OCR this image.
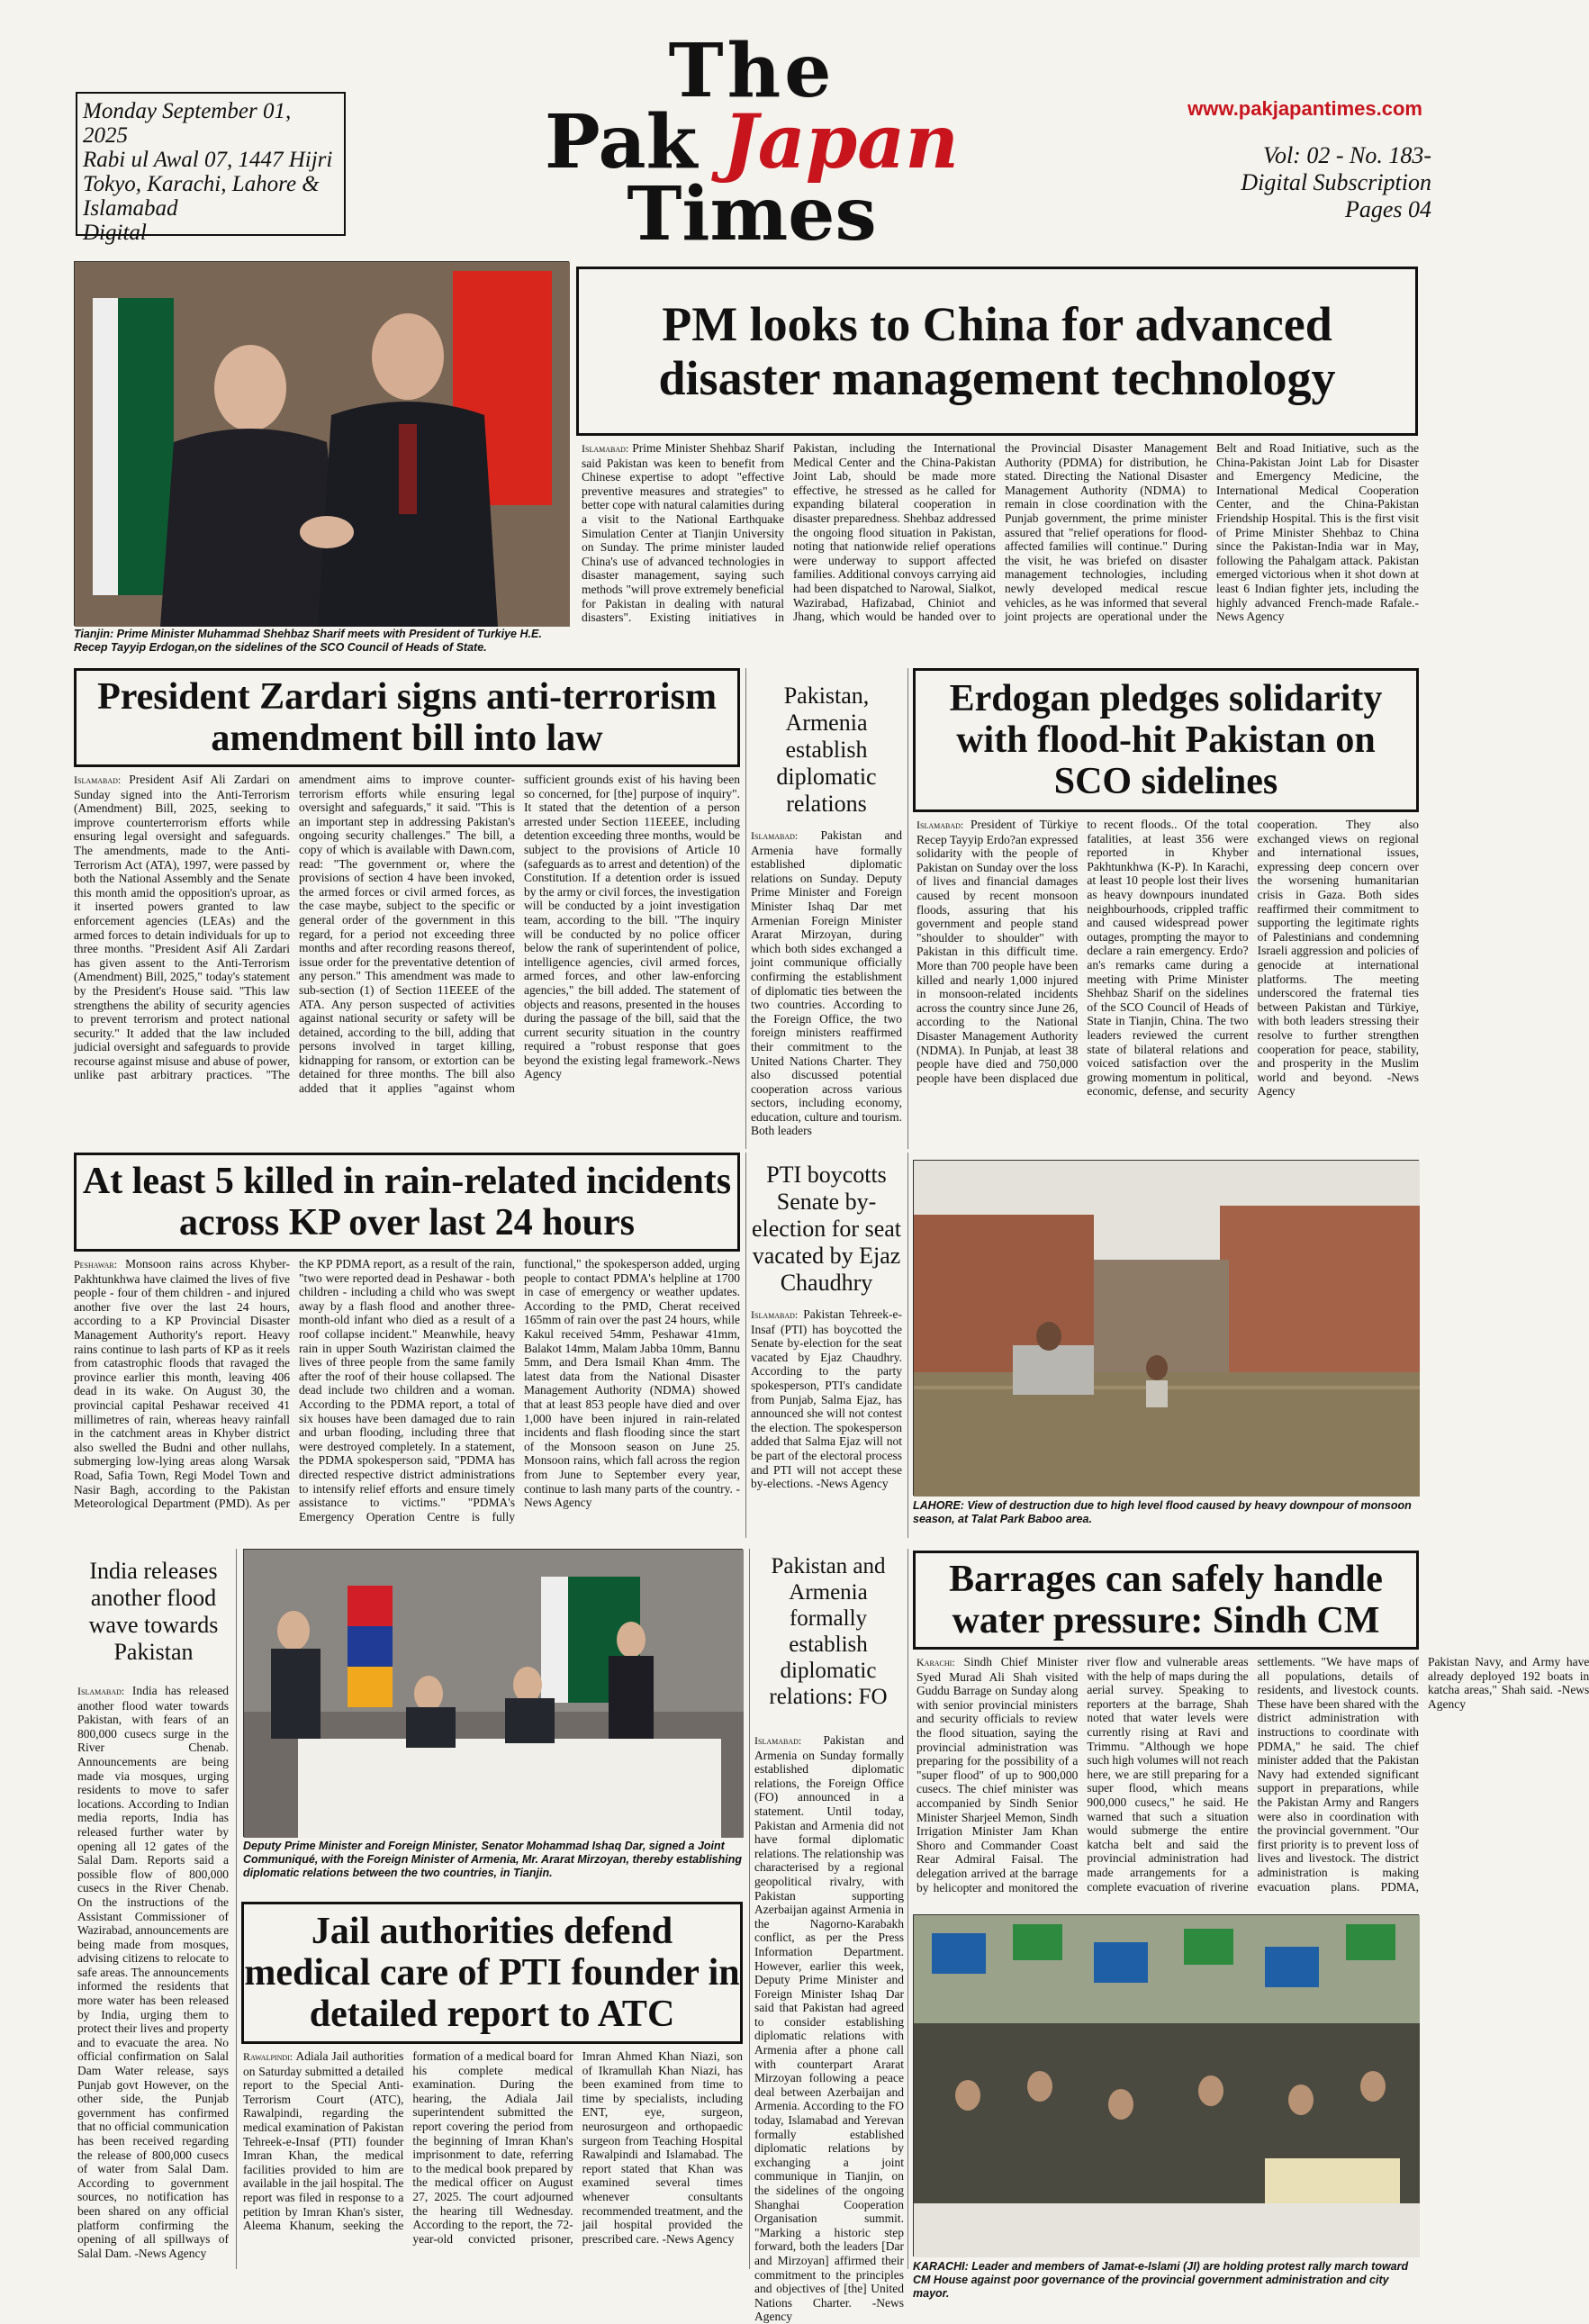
Monday September 01, 2025
Rabi ul Awal 07, 1447 Hijri
Tokyo, Karachi, Lahore &
Islamabad
Digital
The
Pak Japan
Times
www.pakjapantimes.com
Vol: 02 - No. 183-
Digital Subscription
Pages 04
Tianjin: Prime Minister Muhammad Shehbaz Sharif meets with President of Turkiye H.E. Recep Tayyip Erdogan,on the sidelines of the SCO Council of Heads of State.
PM looks to China for advanced disaster management technology
Islamabad: Prime Minister Shehbaz Sharif said Pakistan was keen to benefit from Chinese expertise to adopt "effective preventive measures and strategies" to better cope with natural calamities during a visit to the National Earthquake Simulation Center at Tianjin University on Sunday. The prime minister lauded China's use of advanced technologies in disaster management, saying such methods "will prove extremely beneficial for Pakistan in dealing with natural disasters". Existing initiatives in Pakistan, including the International Medical Center and the China-Pakistan Joint Lab, should be made more effective, he stressed as he called for expanding bilateral cooperation in disaster preparedness. Shehbaz addressed the ongoing flood situation in Pakistan, noting that nationwide relief operations were underway to support affected families. Additional convoys carrying aid had been dispatched to Narowal, Sialkot, Wazirabad, Hafizabad, Chiniot and Jhang, which would be handed over to the Provincial Disaster Management Authority (PDMA) for distribution, he stated. Directing the National Disaster Management Authority (NDMA) to remain in close coordination with the Punjab government, the prime minister assured that "relief operations for flood-affected families will continue." During the visit, he was briefed on disaster management technologies, including newly developed medical rescue vehicles, as he was informed that several joint projects are operational under the Belt and Road Initiative, such as the China-Pakistan Joint Lab for Disaster and Emergency Medicine, the International Medical Cooperation Center, and the China-Pakistan Friendship Hospital. This is the first visit of Prime Minister Shehbaz to China since the Pakistan-India war in May, following the Pahalgam attack. Pakistan emerged victorious when it shot down at least 6 Indian fighter jets, including the highly advanced French-made Rafale.-News Agency
President Zardari signs anti-terrorism amendment bill into law
Islamabad: President Asif Ali Zardari on Sunday signed into the Anti-Terrorism (Amendment) Bill, 2025, seeking to improve counterterrorism efforts while ensuring legal oversight and safeguards. The amendments, made to the Anti-Terrorism Act (ATA), 1997, were passed by both the National Assembly and the Senate this month amid the opposition's uproar, as it inserted powers granted to law enforcement agencies (LEAs) and the armed forces to detain individuals for up to three months. "President Asif Ali Zardari has given assent to the Anti-Terrorism (Amendment) Bill, 2025," today's statement by the President's House said. "This law strengthens the ability of security agencies to prevent terrorism and protect national security." It added that the law included judicial oversight and safeguards to provide recourse against misuse and abuse of power, unlike past arbitrary practices. "The amendment aims to improve counter-terrorism efforts while ensuring legal oversight and safeguards," it said. "This is an important step in addressing Pakistan's ongoing security challenges." The bill, a copy of which is available with Dawn.com, read: "The government or, where the provisions of section 4 have been invoked, the armed forces or civil armed forces, as the case maybe, subject to the specific or general order of the government in this regard, for a period not exceeding three months and after recording reasons thereof, issue order for the preventative detention of any person." This amendment was made to sub-section (1) of Section 11EEEE of the ATA. Any person suspected of activities against national security or safety will be detained, according to the bill, adding that persons involved in target killing, kidnapping for ransom, or extortion can be detained for three months. The bill also added that it applies "against whom sufficient grounds exist of his having been so concerned, for [the] purpose of inquiry". It stated that the detention of a person arrested under Section 11EEEE, including detention exceeding three months, would be subject to the provisions of Article 10 (safeguards as to arrest and detention) of the Constitution. If a detention order is issued by the army or civil forces, the investigation will be conducted by a joint investigation team, according to the bill. "The inquiry will be conducted by no police officer below the rank of superintendent of police, intelligence agencies, civil armed forces, armed forces, and other law-enforcing agencies," the bill added. The statement of objects and reasons, presented in the houses during the passage of the bill, said that the current security situation in the country required a "robust response that goes beyond the existing legal framework.-News Agency
Pakistan, Armenia establish diplomatic relations
Islamabad: Pakistan and Armenia have formally established diplomatic relations on Sunday. Deputy Prime Minister and Foreign Minister Ishaq Dar met Armenian Foreign Minister Ararat Mirzoyan, during which both sides exchanged a joint communique officially confirming the establishment of diplomatic ties between the two countries. According to the Foreign Office, the two foreign ministers reaffirmed their commitment to the United Nations Charter. They also discussed potential cooperation across various sectors, including economy, education, culture and tourism. Both leaders
Erdogan pledges solidarity with flood-hit Pakistan on SCO sidelines
Islamabad: President of Türkiye Recep Tayyip Erdo?an expressed solidarity with the people of Pakistan on Sunday over the loss of lives and financial damages caused by recent monsoon floods, assuring that his government and people stand "shoulder to shoulder" with Pakistan in this difficult time. More than 700 people have been killed and nearly 1,000 injured in monsoon-related incidents across the country since June 26, according to the National Disaster Management Authority (NDMA). In Punjab, at least 38 people have died and 750,000 people have been displaced due to recent floods.. Of the total fatalities, at least 356 were reported in Khyber Pakhtunkhwa (K-P). In Karachi, at least 10 people lost their lives as heavy downpours inundated neighbourhoods, crippled traffic and caused widespread power outages, prompting the mayor to declare a rain emergency. Erdo?an's remarks came during a meeting with Prime Minister Shehbaz Sharif on the sidelines of the SCO Council of Heads of State in Tianjin, China. The two leaders reviewed the current state of bilateral relations and voiced satisfaction over the growing momentum in political, economic, defense, and security cooperation. They also exchanged views on regional and international issues, expressing deep concern over the worsening humanitarian crisis in Gaza. Both sides reaffirmed their commitment to supporting the legitimate rights of Palestinians and condemning Israeli aggression and policies of genocide at international platforms. The meeting underscored the fraternal ties between Pakistan and Türkiye, with both leaders stressing their resolve to further strengthen cooperation for peace, stability, and prosperity in the Muslim world and beyond. -News Agency
At least 5 killed in rain-related incidents across KP over last 24 hours
Peshawar: Monsoon rains across Khyber-Pakhtunkhwa have claimed the lives of five people - four of them children - and injured another five over the last 24 hours, according to a KP Provincial Disaster Management Authority's report. Heavy rains continue to lash parts of KP as it reels from catastrophic floods that ravaged the province earlier this month, leaving 406 dead in its wake. On August 30, the provincial capital Peshawar received 41 millimetres of rain, whereas heavy rainfall in the catchment areas in Khyber district also swelled the Budni and other nullahs, submerging low-lying areas along Warsak Road, Safia Town, Regi Model Town and Nasir Bagh, according to the Pakistan Meteorological Department (PMD). As per the KP PDMA report, as a result of the rain, "two were reported dead in Peshawar - both children - including a child who was swept away by a flash flood and another three-month-old infant who died as a result of a roof collapse incident." Meanwhile, heavy rain in upper South Waziristan claimed the lives of three people from the same family after the roof of their house collapsed. The dead include two children and a woman. According to the PDMA report, a total of six houses have been damaged due to rain and urban flooding, including three that were destroyed completely. In a statement, the PDMA spokesperson said, "PDMA has directed respective district administrations to intensify relief efforts and ensure timely assistance to victims." "PDMA's Emergency Operation Centre is fully functional," the spokesperson added, urging people to contact PDMA's helpline at 1700 in case of emergency or weather updates. According to the PMD, Cherat received 165mm of rain over the past 24 hours, while Kakul received 54mm, Peshawar 41mm, Balakot 14mm, Malam Jabba 10mm, Bannu 5mm, and Dera Ismail Khan 4mm. The latest data from the National Disaster Management Authority (NDMA) showed that at least 853 people have died and over 1,000 have been injured in rain-related incidents and flash flooding since the start of the Monsoon season on June 25. Monsoon rains, which fall across the region from June to September every year, continue to lash many parts of the country. -News Agency
PTI boycotts Senate by-election for seat vacated by Ejaz Chaudhry
Islamabad: Pakistan Tehreek-e-Insaf (PTI) has boycotted the Senate by-election for the seat vacated by Ejaz Chaudhry. According to the party spokesperson, PTI's candidate from Punjab, Salma Ejaz, has announced she will not contest the election. The spokesperson added that Salma Ejaz will not be part of the electoral process and PTI will not accept these by-elections. -News Agency
LAHORE: View of destruction due to high level flood caused by heavy downpour of monsoon season, at Talat Park Baboo area.
India releases another flood wave towards Pakistan
Islamabad: India has released another flood water towards Pakistan, with fears of an 800,000 cusecs surge in the River Chenab. Announcements are being made via mosques, urging residents to move to safer locations. According to Indian media reports, India has released further water by opening all 12 gates of the Salal Dam. Reports said a possible flow of 800,000 cusecs in the River Chenab. On the instructions of the Assistant Commissioner of Wazirabad, announcements are being made from mosques, advising citizens to relocate to safe areas. The announcements informed the residents that more water has been released by India, urging them to protect their lives and property and to evacuate the area. No official confirmation on Salal Dam Water release, says Punjab govt However, on the other side, the Punjab government has confirmed that no official communication has been received regarding the release of 800,000 cusecs of water from Salal Dam. According to government sources, no notification has been shared on any official platform confirming the opening of all spillways of Salal Dam. -News Agency
Deputy Prime Minister and Foreign Minister, Senator Mohammad Ishaq Dar, signed a Joint Communiqué, with the Foreign Minister of Armenia, Mr. Ararat Mirzoyan, thereby establishing diplomatic relations between the two countries, in Tianjin.
Jail authorities defend medical care of PTI founder in detailed report to ATC
Rawalpindi: Adiala Jail authorities on Saturday submitted a detailed report to the Special Anti-Terrorism Court (ATC), Rawalpindi, regarding the medical examination of Pakistan Tehreek-e-Insaf (PTI) founder Imran Khan, the medical facilities provided to him are available in the jail hospital. The report was filed in response to a petition by Imran Khan's sister, Aleema Khanum, seeking the formation of a medical board for his complete medical examination. During the hearing, the Adiala Jail superintendent submitted the report covering the period from the beginning of Imran Khan's imprisonment to date, referring to the medical book prepared by the medical officer on August 27, 2025. The court adjourned the hearing till Wednesday. According to the report, the 72-year-old convicted prisoner, Imran Ahmed Khan Niazi, son of Ikramullah Khan Niazi, has been examined from time to time by specialists, including ENT, eye, surgeon, neurosurgeon and orthopaedic surgeon from Teaching Hospital Rawalpindi and Islamabad. The report stated that Khan was examined several times whenever consultants recommended treatment, and the jail hospital provided the prescribed care. -News Agency
Pakistan and Armenia formally establish diplomatic relations: FO
Islamabad: Pakistan and Armenia on Sunday formally established diplomatic relations, the Foreign Office (FO) announced in a statement. Until today, Pakistan and Armenia did not have formal diplomatic relations. The relationship was characterised by a regional geopolitical rivalry, with Pakistan supporting Azerbaijan against Armenia in the Nagorno-Karabakh conflict, as per the Press Information Department. However, earlier this week, Deputy Prime Minister and Foreign Minister Ishaq Dar said that Pakistan had agreed to consider establishing diplomatic relations with Armenia after a phone call with counterpart Ararat Mirzoyan following a peace deal between Azerbaijan and Armenia. According to the FO today, Islamabad and Yerevan formally established diplomatic relations by exchanging a joint communique in Tianjin, on the sidelines of the ongoing Shanghai Cooperation Organisation summit. "Marking a historic step forward, both the leaders [Dar and Mirzoyan] affirmed their commitment to the principles and objectives of [the] United Nations Charter. -News Agency
Barrages can safely handle water pressure: Sindh CM
Karachi: Sindh Chief Minister Syed Murad Ali Shah visited Guddu Barrage on Sunday along with senior provincial ministers and security officials to review the flood situation, saying the provincial administration was preparing for the possibility of a "super flood" of up to 900,000 cusecs. The chief minister was accompanied by Sindh Senior Minister Sharjeel Memon, Sindh Irrigation Minister Jam Khan Shoro and Commander Coast Rear Admiral Faisal. The delegation arrived at the barrage by helicopter and monitored the river flow and vulnerable areas with the help of maps during the aerial survey. Speaking to reporters at the barrage, Shah noted that water levels were currently rising at Ravi and Trimmu. "Although we hope such high volumes will not reach here, we are still preparing for a super flood, which means 900,000 cusecs," he said. He warned that such a situation would submerge the entire katcha belt and said the provincial administration had made arrangements for a complete evacuation of riverine settlements. "We have maps of all populations, details of residents, and livestock counts. These have been shared with the district administration with instructions to coordinate with PDMA," he said. The chief minister added that the Pakistan Navy had extended significant support in preparations, while the Pakistan Army and Rangers were also in coordination with the provincial government. "Our first priority is to prevent loss of lives and livestock. The district administration is making evacuation plans. PDMA, Pakistan Navy, and Army have already deployed 192 boats in katcha areas," Shah said. -News Agency
KARACHI: Leader and members of Jamat-e-Islami (JI) are holding protest rally march toward CM House against poor governance of the provincial government administration and city mayor.
